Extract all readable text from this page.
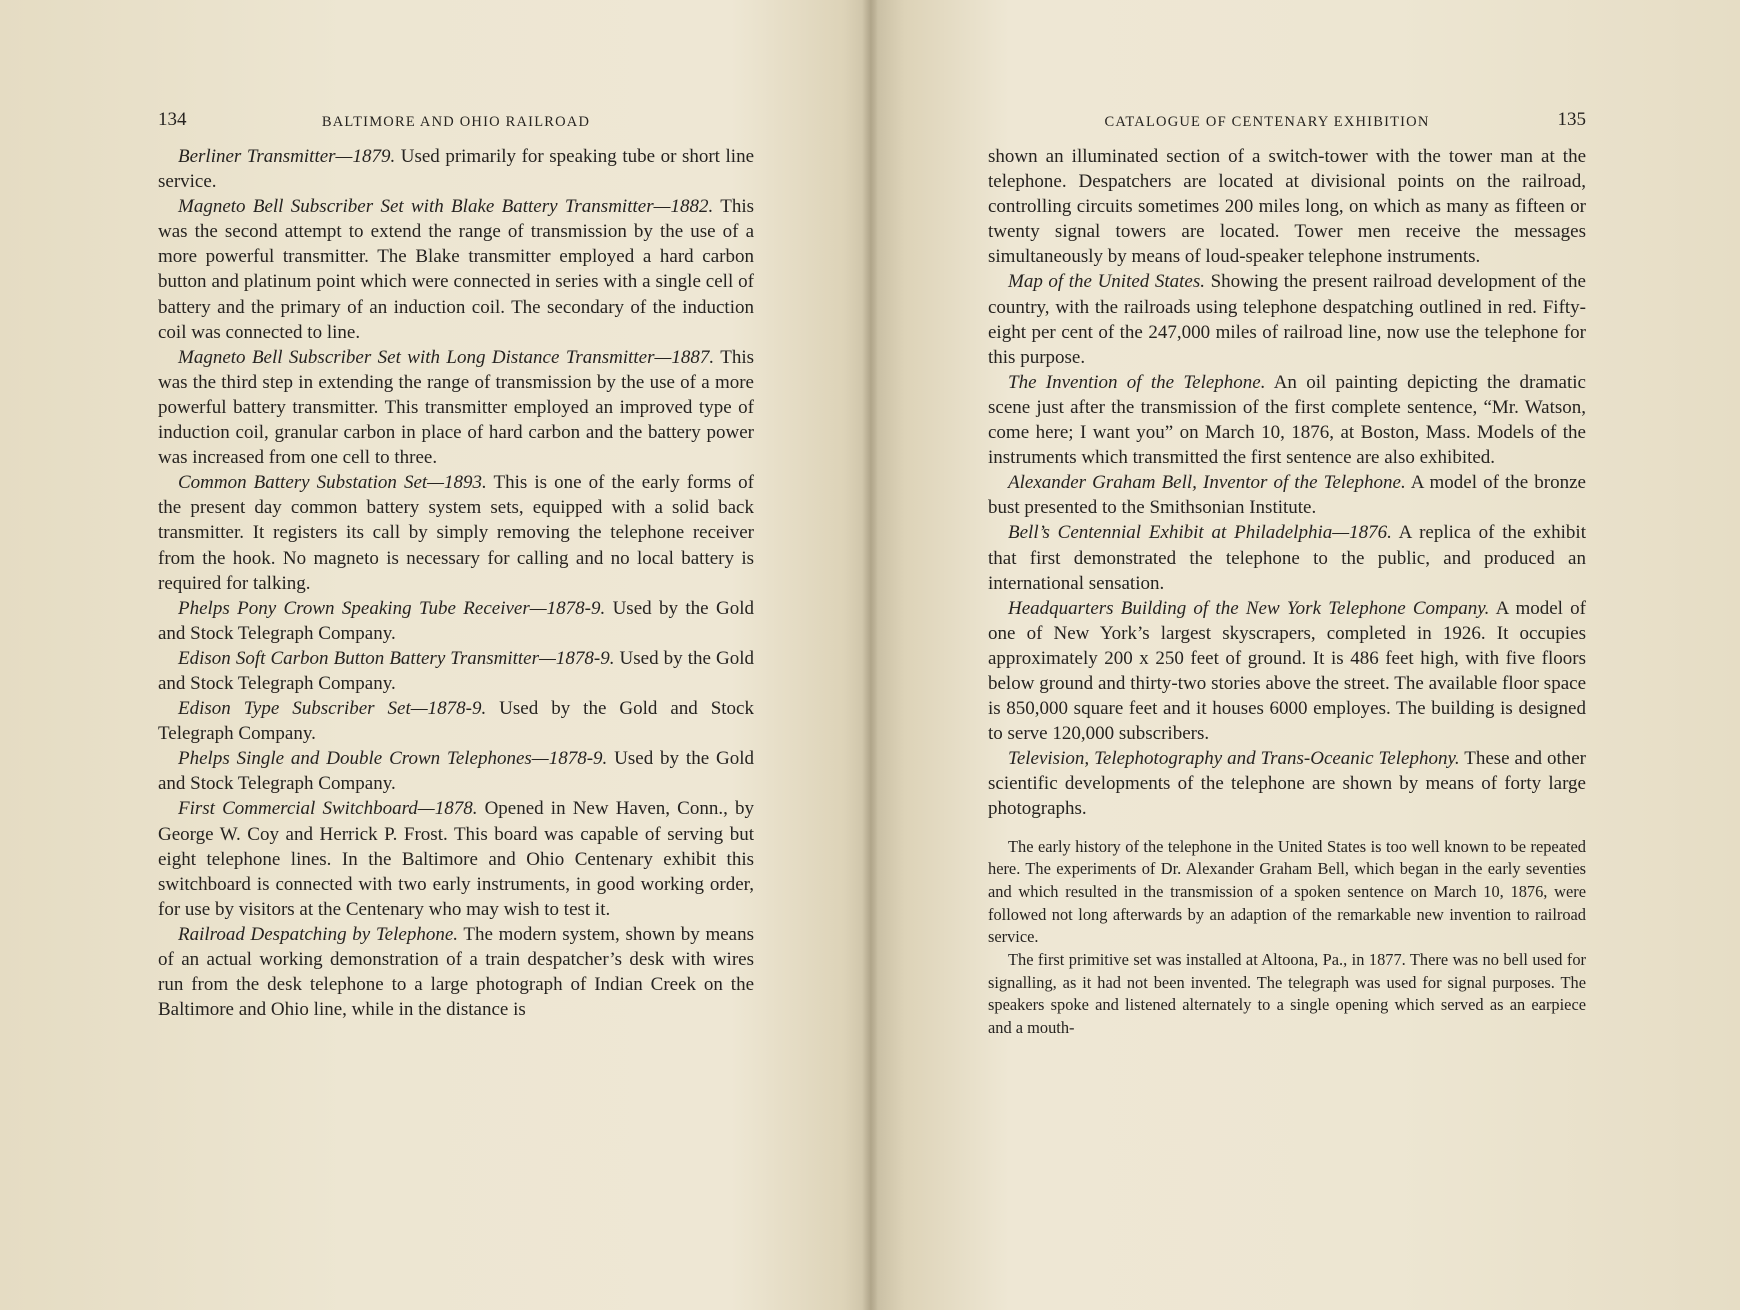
134	BALTIMORE AND OHIO RAILROAD

Berliner Transmitter—1879. Used primarily for speaking tube or short line service.

Magneto Bell Subscriber Set with Blake Battery Transmitter—1882. This was the second attempt to extend the range of transmission by the use of a more powerful transmitter. The Blake transmitter employed a hard carbon button and platinum point which were connected in series with a single cell of battery and the primary of an induction coil. The secondary of the induction coil was connected to line.

Magneto Bell Subscriber Set with Long Distance Transmitter—1887. This was the third step in extending the range of transmission by the use of a more powerful battery transmitter. This transmitter employed an improved type of induction coil, granular carbon in place of hard carbon and the battery power was increased from one cell to three.

Common Battery Substation Set—1893. This is one of the early forms of the present day common battery system sets, equipped with a solid back transmitter. It registers its call by simply removing the telephone receiver from the hook. No magneto is necessary for calling and no local battery is required for talking.

Phelps Pony Crown Speaking Tube Receiver—1878-9. Used by the Gold and Stock Telegraph Company.

Edison Soft Carbon Button Battery Transmitter—1878-9. Used by the Gold and Stock Telegraph Company.

Edison Type Subscriber Set—1878-9. Used by the Gold and Stock Telegraph Company.

Phelps Single and Double Crown Telephones—1878-9. Used by the Gold and Stock Telegraph Company.

First Commercial Switchboard—1878. Opened in New Haven, Conn., by George W. Coy and Herrick P. Frost. This board was capable of serving but eight telephone lines. In the Baltimore and Ohio Centenary exhibit this switchboard is connected with two early instruments, in good working order, for use by visitors at the Centenary who may wish to test it.

Railroad Despatching by Telephone. The modern system, shown by means of an actual working demonstration of a train despatcher’s desk with wires run from the desk telephone to a large photograph of Indian Creek on the Baltimore and Ohio line, while in the distance is

CATALOGUE OF CENTENARY EXHIBITION	135

shown an illuminated section of a switch-tower with the tower man at the telephone. Despatchers are located at divisional points on the railroad, controlling circuits sometimes 200 miles long, on which as many as fifteen or twenty signal towers are located. Tower men receive the messages simultaneously by means of loud-speaker telephone instruments.

Map of the United States. Showing the present railroad development of the country, with the railroads using telephone despatching outlined in red. Fifty-eight per cent of the 247,000 miles of railroad line, now use the telephone for this purpose.

The Invention of the Telephone. An oil painting depicting the dramatic scene just after the transmission of the first complete sentence, “Mr. Watson, come here; I want you” on March 10, 1876, at Boston, Mass. Models of the instruments which transmitted the first sentence are also exhibited.

Alexander Graham Bell, Inventor of the Telephone. A model of the bronze bust presented to the Smithsonian Institute.

Bell’s Centennial Exhibit at Philadelphia—1876. A replica of the exhibit that first demonstrated the telephone to the public, and produced an international sensation.

Headquarters Building of the New York Telephone Company. A model of one of New York’s largest skyscrapers, completed in 1926. It occupies approximately 200 x 250 feet of ground. It is 486 feet high, with five floors below ground and thirty-two stories above the street. The available floor space is 850,000 square feet and it houses 6000 employes. The building is designed to serve 120,000 subscribers.

Television, Telephotography and Trans-Oceanic Telephony. These and other scientific developments of the telephone are shown by means of forty large photographs.

The early history of the telephone in the United States is too well known to be repeated here. The experiments of Dr. Alexander Graham Bell, which began in the early seventies and which resulted in the transmission of a spoken sentence on March 10, 1876, were followed not long afterwards by an adaption of the remarkable new invention to railroad service.

The first primitive set was installed at Altoona, Pa., in 1877. There was no bell used for signalling, as it had not been invented. The telegraph was used for signal purposes. The speakers spoke and listened alternately to a single opening which served as an earpiece and a mouth-
